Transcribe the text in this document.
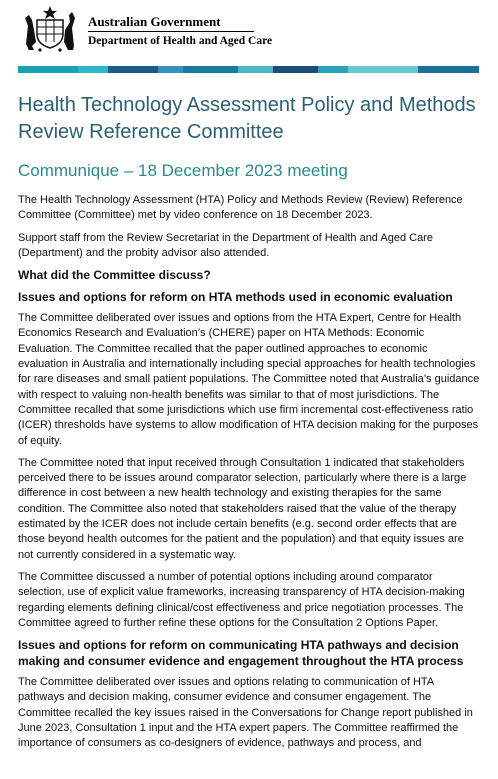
Australian Government
Department of Health and Aged Care
Health Technology Assessment Policy and Methods Review Reference Committee
Communique – 18 December 2023 meeting

The Health Technology Assessment (HTA) Policy and Methods Review (Review) Reference Committee (Committee) met by video conference on 18 December 2023.

Support staff from the Review Secretariat in the Department of Health and Aged Care (Department) and the probity advisor also attended.

What did the Committee discuss?
Issues and options for reform on HTA methods used in economic evaluation

The Committee deliberated over issues and options from the HTA Expert, Centre for Health Economics Research and Evaluation’s (CHERE) paper on HTA Methods: Economic Evaluation. The Committee recalled that the paper outlined approaches to economic evaluation in Australia and internationally including special approaches for health technologies for rare diseases and small patient populations. The Committee noted that Australia’s guidance with respect to valuing non-health benefits was similar to that of most jurisdictions. The Committee recalled that some jurisdictions which use firm incremental cost-effectiveness ratio (ICER) thresholds have systems to allow modification of HTA decision making for the purposes of equity.

The Committee noted that input received through Consultation 1 indicated that stakeholders perceived there to be issues around comparator selection, particularly where there is a large difference in cost between a new health technology and existing therapies for the same condition. The Committee also noted that stakeholders raised that the value of the therapy estimated by the ICER does not include certain benefits (e.g. second order effects that are those beyond health outcomes for the patient and the population) and that equity issues are not currently considered in a systematic way.

The Committee discussed a number of potential options including around comparator selection, use of explicit value frameworks, increasing transparency of HTA decision-making regarding elements defining clinical/cost effectiveness and price negotiation processes. The Committee agreed to further refine these options for the Consultation 2 Options Paper.

Issues and options for reform on communicating HTA pathways and decision making and consumer evidence and engagement throughout the HTA process

The Committee deliberated over issues and options relating to communication of HTA pathways and decision making, consumer evidence and consumer engagement. The Committee recalled the key issues raised in the Conversations for Change report published in June 2023, Consultation 1 input and the HTA expert papers. The Committee reaffirmed the importance of consumers as co-designers of evidence, pathways and process, and
